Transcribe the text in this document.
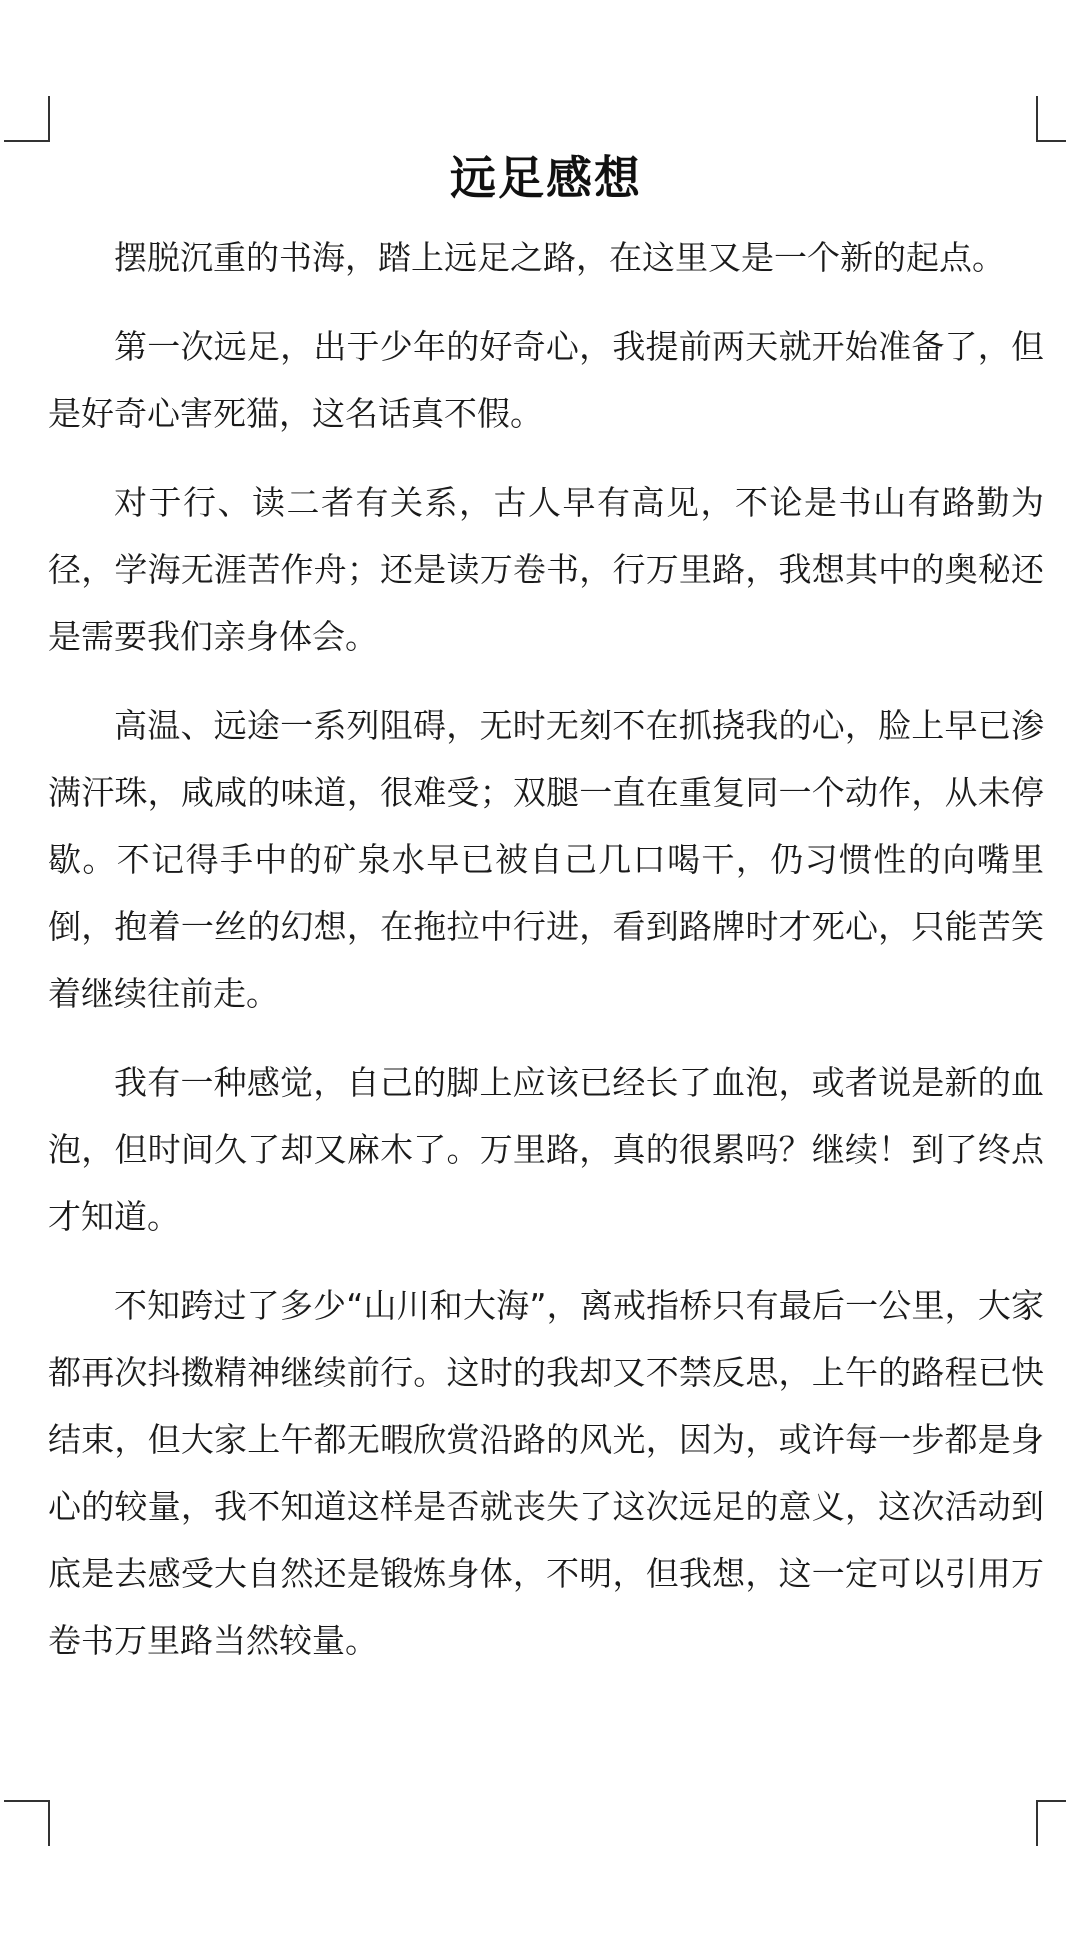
远足感想

摆脱沉重的书海，踏上远足之路，在这里又是一个新的起点。

第一次远足，出于少年的好奇心，我提前两天就开始准备了，但是好奇心害死猫，这名话真不假。

对于行、读二者有关系，古人早有高见，不论是书山有路勤为径，学海无涯苦作舟；还是读万卷书，行万里路，我想其中的奥秘还是需要我们亲身体会。

高温、远途一系列阻碍，无时无刻不在抓挠我的心，脸上早已渗满汗珠，咸咸的味道，很难受；双腿一直在重复同一个动作，从未停歇。不记得手中的矿泉水早已被自己几口喝干，仍习惯性的向嘴里倒，抱着一丝的幻想，在拖拉中行进，看到路牌时才死心，只能苦笑着继续往前走。

我有一种感觉，自己的脚上应该已经长了血泡，或者说是新的血泡，但时间久了却又麻木了。万里路，真的很累吗？继续！到了终点才知道。

不知跨过了多少“山川和大海”，离戒指桥只有最后一公里，大家都再次抖擞精神继续前行。这时的我却又不禁反思，上午的路程已快结束，但大家上午都无暇欣赏沿路的风光，因为，或许每一步都是身心的较量，我不知道这样是否就丧失了这次远足的意义，这次活动到底是去感受大自然还是锻炼身体，不明，但我想，这一定可以引用万卷书万里路当然较量。
